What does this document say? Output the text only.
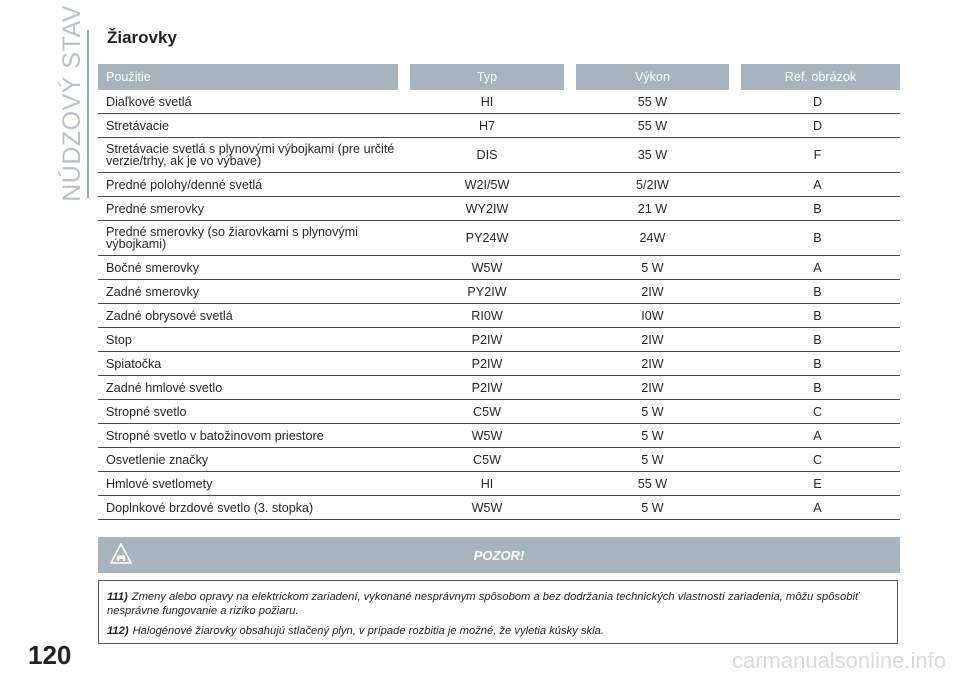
NÚDZOVÝ STAV Žiarovky
Použitie	Typ	Výkon	Ref. obrázok
Diaľkové svetlá	HI	55 W	D
Stretávacie	H7	55 W	D
Stretávacie svetlá s plynovými výbojkami (pre určité verzie/trhy, ak je vo výbave)	DIS	35 W	F
Predné polohy/denné svetlá	W2I/5W	5/2IW	A
Predné smerovky	WY2IW	21 W	B
Predné smerovky (so žiarovkami s plynovými výbojkami)	PY24W	24W	B
Bočné smerovky	W5W	5 W	A
Zadné smerovky	PY2IW	2IW	B
Zadné obrysové svetlá	RI0W	I0W	B
Stop	P2IW	2IW	B
Spiatočka	P2IW	2IW	B
Zadné hmlové svetlo	P2IW	2IW	B
Stropné svetlo	C5W	5 W	C
Stropné svetlo v batožinovom priestore	W5W	5 W	A
Osvetlenie značky	C5W	5 W	C
Hmlové svetlomety	HI	55 W	E
Doplnkové brzdové svetlo (3. stopka)	W5W	5 W	A
POZOR!

111) Zmeny alebo opravy na elektrickom zariadení, vykonané nesprávnym spôsobom a bez dodržania technických vlastností zariadenia, môžu spôsobiť nesprávne fungovanie a riziko požiaru.

112) Halogénové žiarovky obsahujú stlačený plyn, v prípade rozbitia je možné, že vyletia kúsky skla.

120	carmanualsonline.info
